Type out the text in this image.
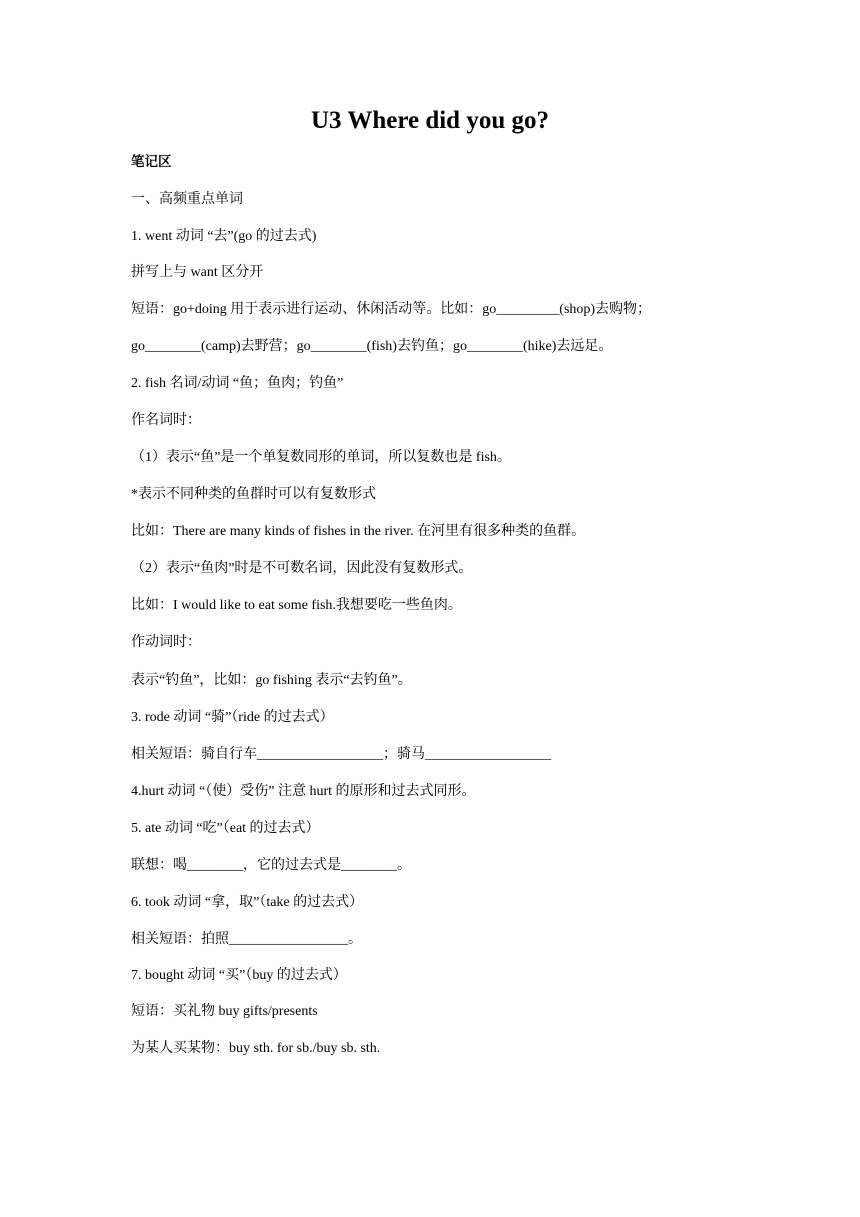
U3 Where did you go?
笔记区
一、高频重点单词
1. went 动词 “去”(go 的过去式)
拼写上与 want 区分开
短语：go+doing 用于表示进行运动、休闲活动等。比如：go_________(shop)去购物；
go________(camp)去野营；go________(fish)去钓鱼；go________(hike)去远足。
2. fish 名词/动词 “鱼；鱼肉；钓鱼”
作名词时：
（1）表示“鱼”是一个单复数同形的单词，所以复数也是 fish。
*表示不同种类的鱼群时可以有复数形式
比如：There are many kinds of fishes in the river. 在河里有很多种类的鱼群。
（2）表示“鱼肉”时是不可数名词，因此没有复数形式。
比如：I would like to eat some fish.我想要吃一些鱼肉。
作动词时：
表示“钓鱼”，比如：go fishing 表示“去钓鱼”。
3. rode 动词 “骑”（ride 的过去式）
相关短语：骑自行车__________________；骑马__________________
4.hurt 动词 “（使）受伤” 注意 hurt 的原形和过去式同形。
5. ate 动词 “吃”（eat 的过去式）
联想：喝________，它的过去式是________。
6. took 动词 “拿，取”（take 的过去式）
相关短语：拍照_________________。
7. bought 动词 “买”（buy 的过去式）
短语：买礼物 buy gifts/presents
为某人买某物：buy sth. for sb./buy sb. sth.
